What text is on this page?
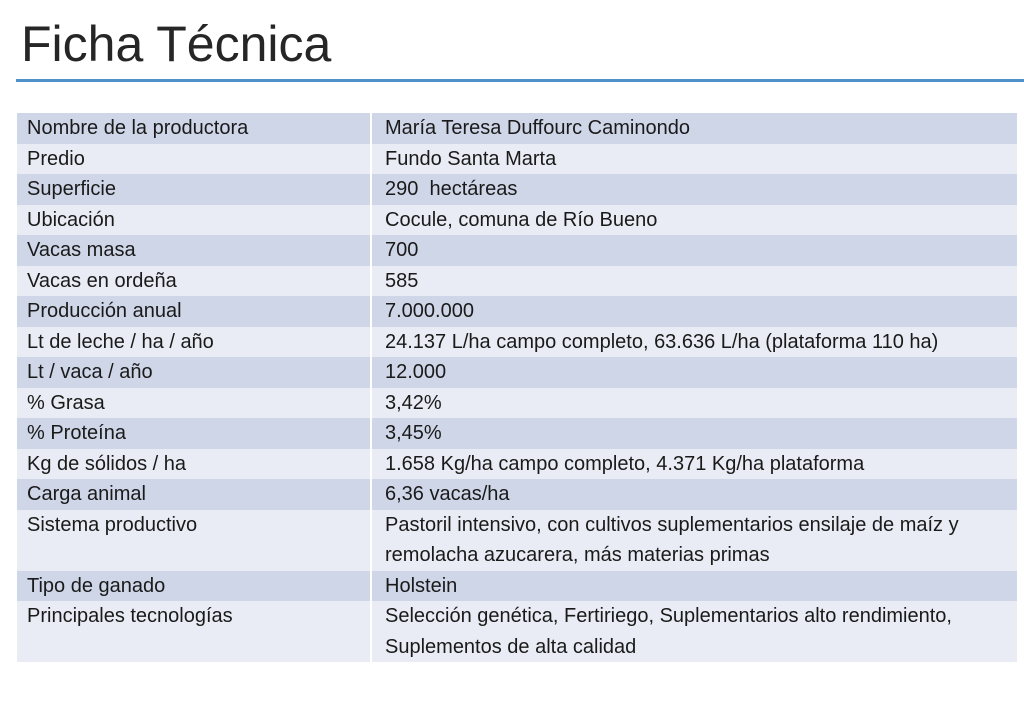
Ficha Técnica
Nombre de la productora	María Teresa Duffourc Caminondo
Predio	Fundo Santa Marta
Superficie	290  hectáreas
Ubicación	Cocule, comuna de Río Bueno
Vacas masa	700
Vacas en ordeña	585
Producción anual	7.000.000
Lt de leche / ha / año	24.137 L/ha campo completo, 63.636 L/ha (plataforma 110 ha)
Lt / vaca / año	12.000
% Grasa	3,42%
% Proteína	3,45%
Kg de sólidos / ha	1.658 Kg/ha campo completo, 4.371 Kg/ha plataforma
Carga animal	6,36 vacas/ha
Sistema productivo	Pastoril intensivo, con cultivos suplementarios ensilaje de maíz y remolacha azucarera, más materias primas
Tipo de ganado	Holstein
Principales tecnologías	Selección genética, Fertiriego, Suplementarios alto rendimiento, Suplementos de alta calidad
